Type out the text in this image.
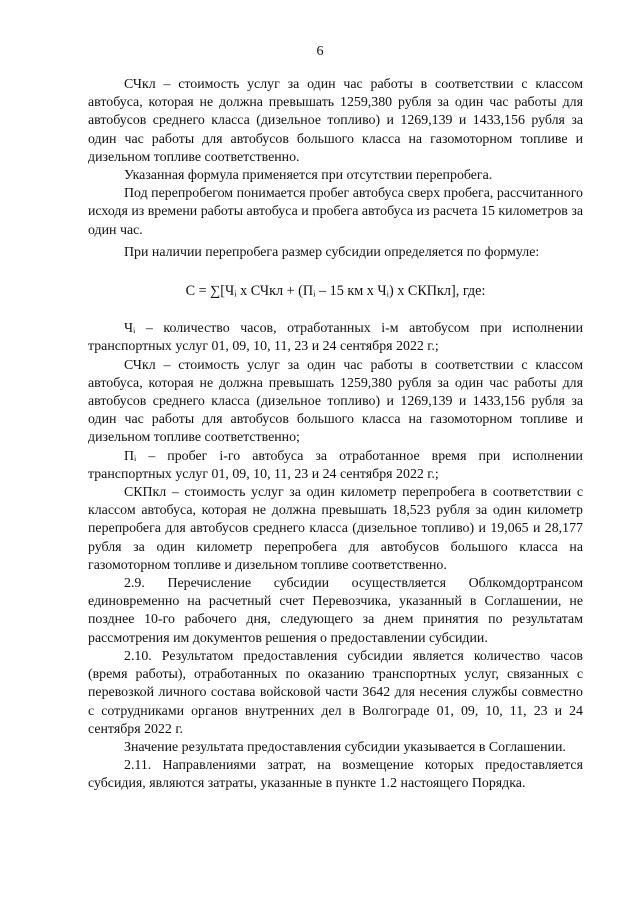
6

СЧкл – стоимость услуг за один час работы в соответствии с классом автобуса, которая не должна превышать 1259,380 рубля за один час работы для автобусов среднего класса (дизельное топливо) и 1269,139 и 1433,156 рубля за один час работы для автобусов большого класса на газомоторном топливе и дизельном топливе соответственно.

Указанная формула применяется при отсутствии перепробега.

Под перепробегом понимается пробег автобуса сверх пробега, рассчитанного исходя из времени работы автобуса и пробега автобуса из расчета 15 километров за один час.

При наличии перепробега размер субсидии определяется по формуле:

С = ∑[Чᵢ x СЧкл + (Пᵢ – 15 км x Чᵢ) x СКПкл], где:

Чᵢ – количество часов, отработанных i-м автобусом при исполнении транспортных услуг 01, 09, 10, 11, 23 и 24 сентября 2022 г.;

СЧкл – стоимость услуг за один час работы в соответствии с классом автобуса, которая не должна превышать 1259,380 рубля за один час работы для автобусов среднего класса (дизельное топливо) и 1269,139 и 1433,156 рубля за один час работы для автобусов большого класса на газомоторном топливе и дизельном топливе соответственно;

Пᵢ – пробег i-го автобуса за отработанное время при исполнении транспортных услуг 01, 09, 10, 11, 23 и 24 сентября 2022 г.;

СКПкл – стоимость услуг за один километр перепробега в соответствии с классом автобуса, которая не должна превышать 18,523 рубля за один километр перепробега для автобусов среднего класса (дизельное топливо) и 19,065 и 28,177 рубля за один километр перепробега для автобусов большого класса на газомоторном топливе и дизельном топливе соответственно.

2.9. Перечисление субсидии осуществляется Облкомдортрансом единовременно на расчетный счет Перевозчика, указанный в Соглашении, не позднее 10-го рабочего дня, следующего за днем принятия по результатам рассмотрения им документов решения о предоставлении субсидии.

2.10. Результатом предоставления субсидии является количество часов (время работы), отработанных по оказанию транспортных услуг, связанных с перевозкой личного состава войсковой части 3642 для несения службы совместно с сотрудниками органов внутренних дел в Волгограде 01, 09, 10, 11, 23 и 24 сентября 2022 г.

Значение результата предоставления субсидии указывается в Соглашении.

2.11. Направлениями затрат, на возмещение которых предоставляется субсидия, являются затраты, указанные в пункте 1.2 настоящего Порядка.
